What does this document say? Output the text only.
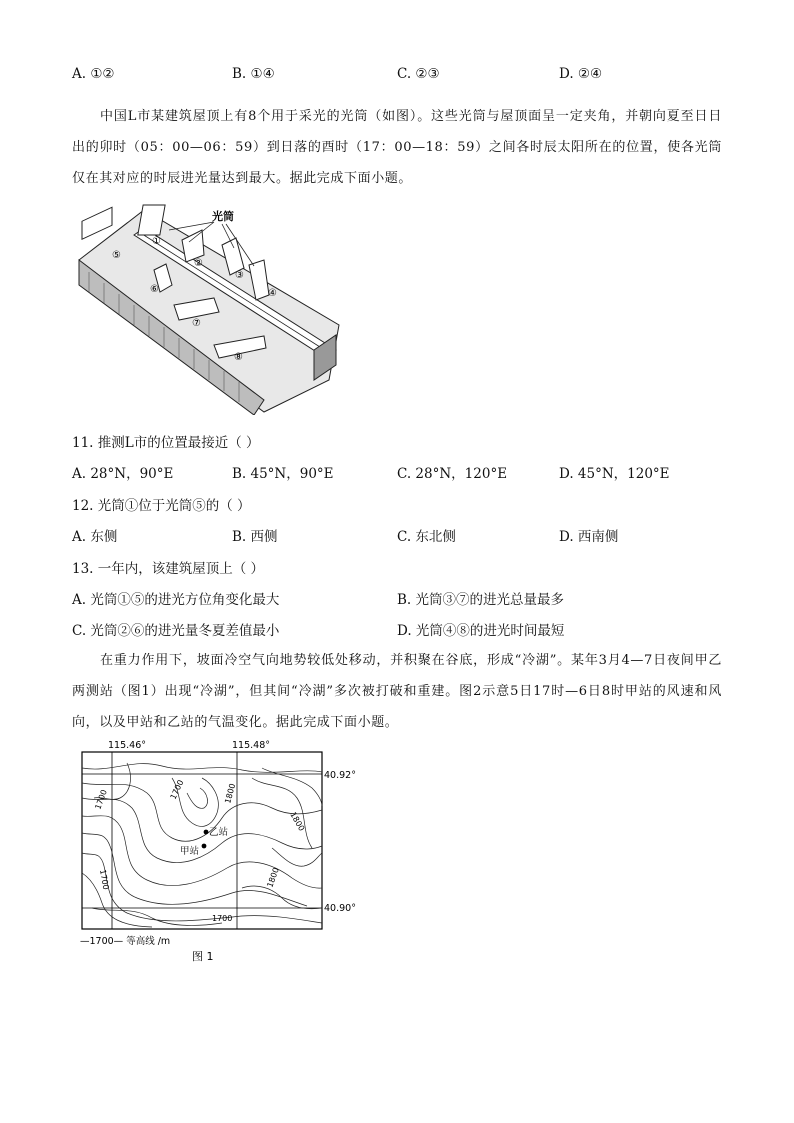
A. ①②	B. ①④	C. ②③	D. ②④
中国L市某建筑屋顶上有8个用于采光的光筒（如图）。这些光筒与屋顶面呈一定夹角，并朝向夏至日日出的卯时（05：00—06：59）到日落的酉时（17：00—18：59）之间各时辰太阳所在的位置，使各光筒仅在其对应的时辰进光量达到最大。据此完成下面小题。
光筒
①
②
③
④
⑤
⑥
⑦
⑧
11. 推测L市的位置最接近（ ）
A. 28°N，90°E	B. 45°N，90°E	C. 28°N，120°E	D. 45°N，120°E
12. 光筒①位于光筒⑤的（ ）
A. 东侧	B. 西侧	C. 东北侧	D. 西南侧
13. 一年内，该建筑屋顶上（ ）
A. 光筒①⑤的进光方位角变化最大	B. 光筒③⑦的进光总量最多
C. 光筒②⑥的进光量冬夏差值最小	D. 光筒④⑧的进光时间最短
在重力作用下，坡面冷空气向地势较低处移动，并积聚在谷底，形成“冷湖”。某年3月4—7日夜间甲乙两测站（图1）出现“冷湖”，但其间“冷湖”多次被打破和重建。图2示意5日17时—6日8时甲站的风速和风向，以及甲站和乙站的气温变化。据此完成下面小题。
115.46°	115.48°
40.92°
40.90°
1700	1700	1800
1800
1700	1800
1700
乙站
甲站
—1700— 等高线 /m
图 1
